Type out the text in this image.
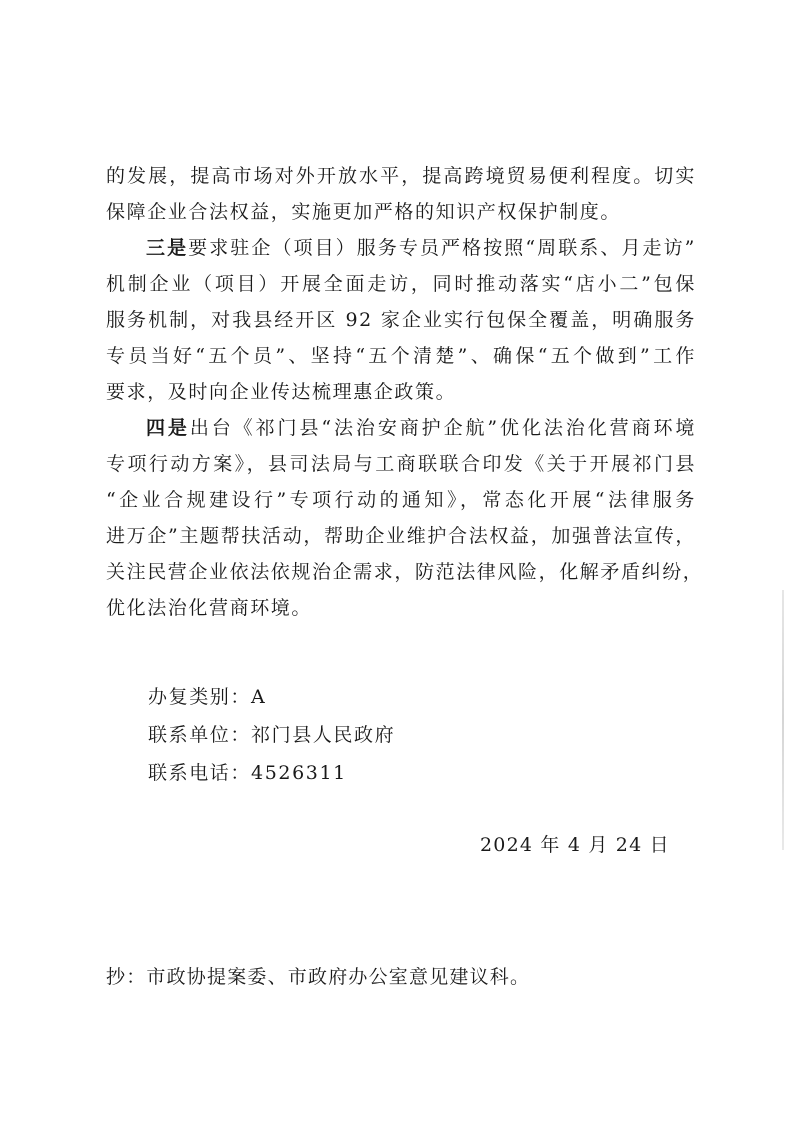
的发展，提高市场对外开放水平，提高跨境贸易便利程度。切实
保障企业合法权益，实施更加严格的知识产权保护制度。
三是要求驻企（项目）服务专员严格按照“周联系、月走访”
机制企业（项目）开展全面走访，同时推动落实“店小二”包保
服务机制，对我县经开区 92 家企业实行包保全覆盖，明确服务
专员当好“五个员”、坚持“五个清楚”、确保“五个做到”工作
要求，及时向企业传达梳理惠企政策。
四是出台《祁门县“法治安商护企航”优化法治化营商环境
专项行动方案》，县司法局与工商联联合印发《关于开展祁门县
“企业合规建设行”专项行动的通知》，常态化开展“法律服务
进万企”主题帮扶活动，帮助企业维护合法权益，加强普法宣传，
关注民营企业依法依规治企需求，防范法律风险，化解矛盾纠纷，
优化法治化营商环境。
办复类别：A
联系单位：祁门县人民政府
联系电话：4526311
2024 年 4 月 24 日
抄：市政协提案委、市政府办公室意见建议科。
